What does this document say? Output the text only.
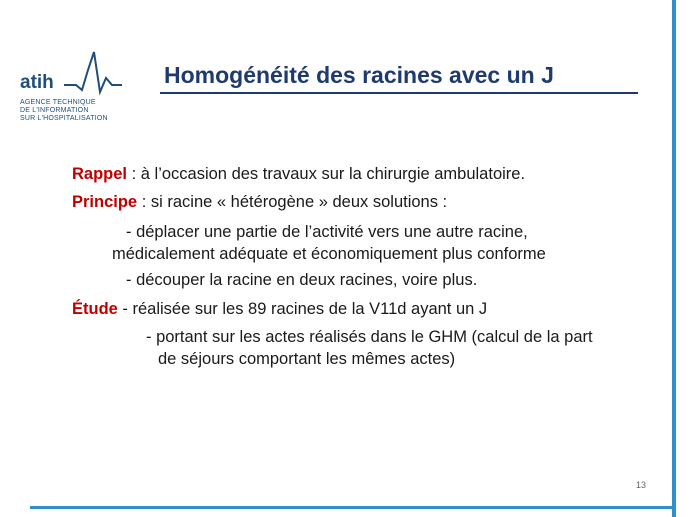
atih
AGENCE TECHNIQUE
DE L'INFORMATION
SUR L'HOSPITALISATION
Homogénéité des racines avec un J
Rappel : à l’occasion des travaux sur la chirurgie ambulatoire.
Principe : si racine « hétérogène » deux solutions :
- déplacer une partie de l’activité vers une autre racine,
médicalement adéquate et économiquement plus conforme
- découper la racine en deux racines, voire plus.
Étude - réalisée sur les 89 racines de la V11d ayant un J
- portant sur les actes réalisés dans le GHM (calcul de la part
de séjours comportant les mêmes actes)
13
